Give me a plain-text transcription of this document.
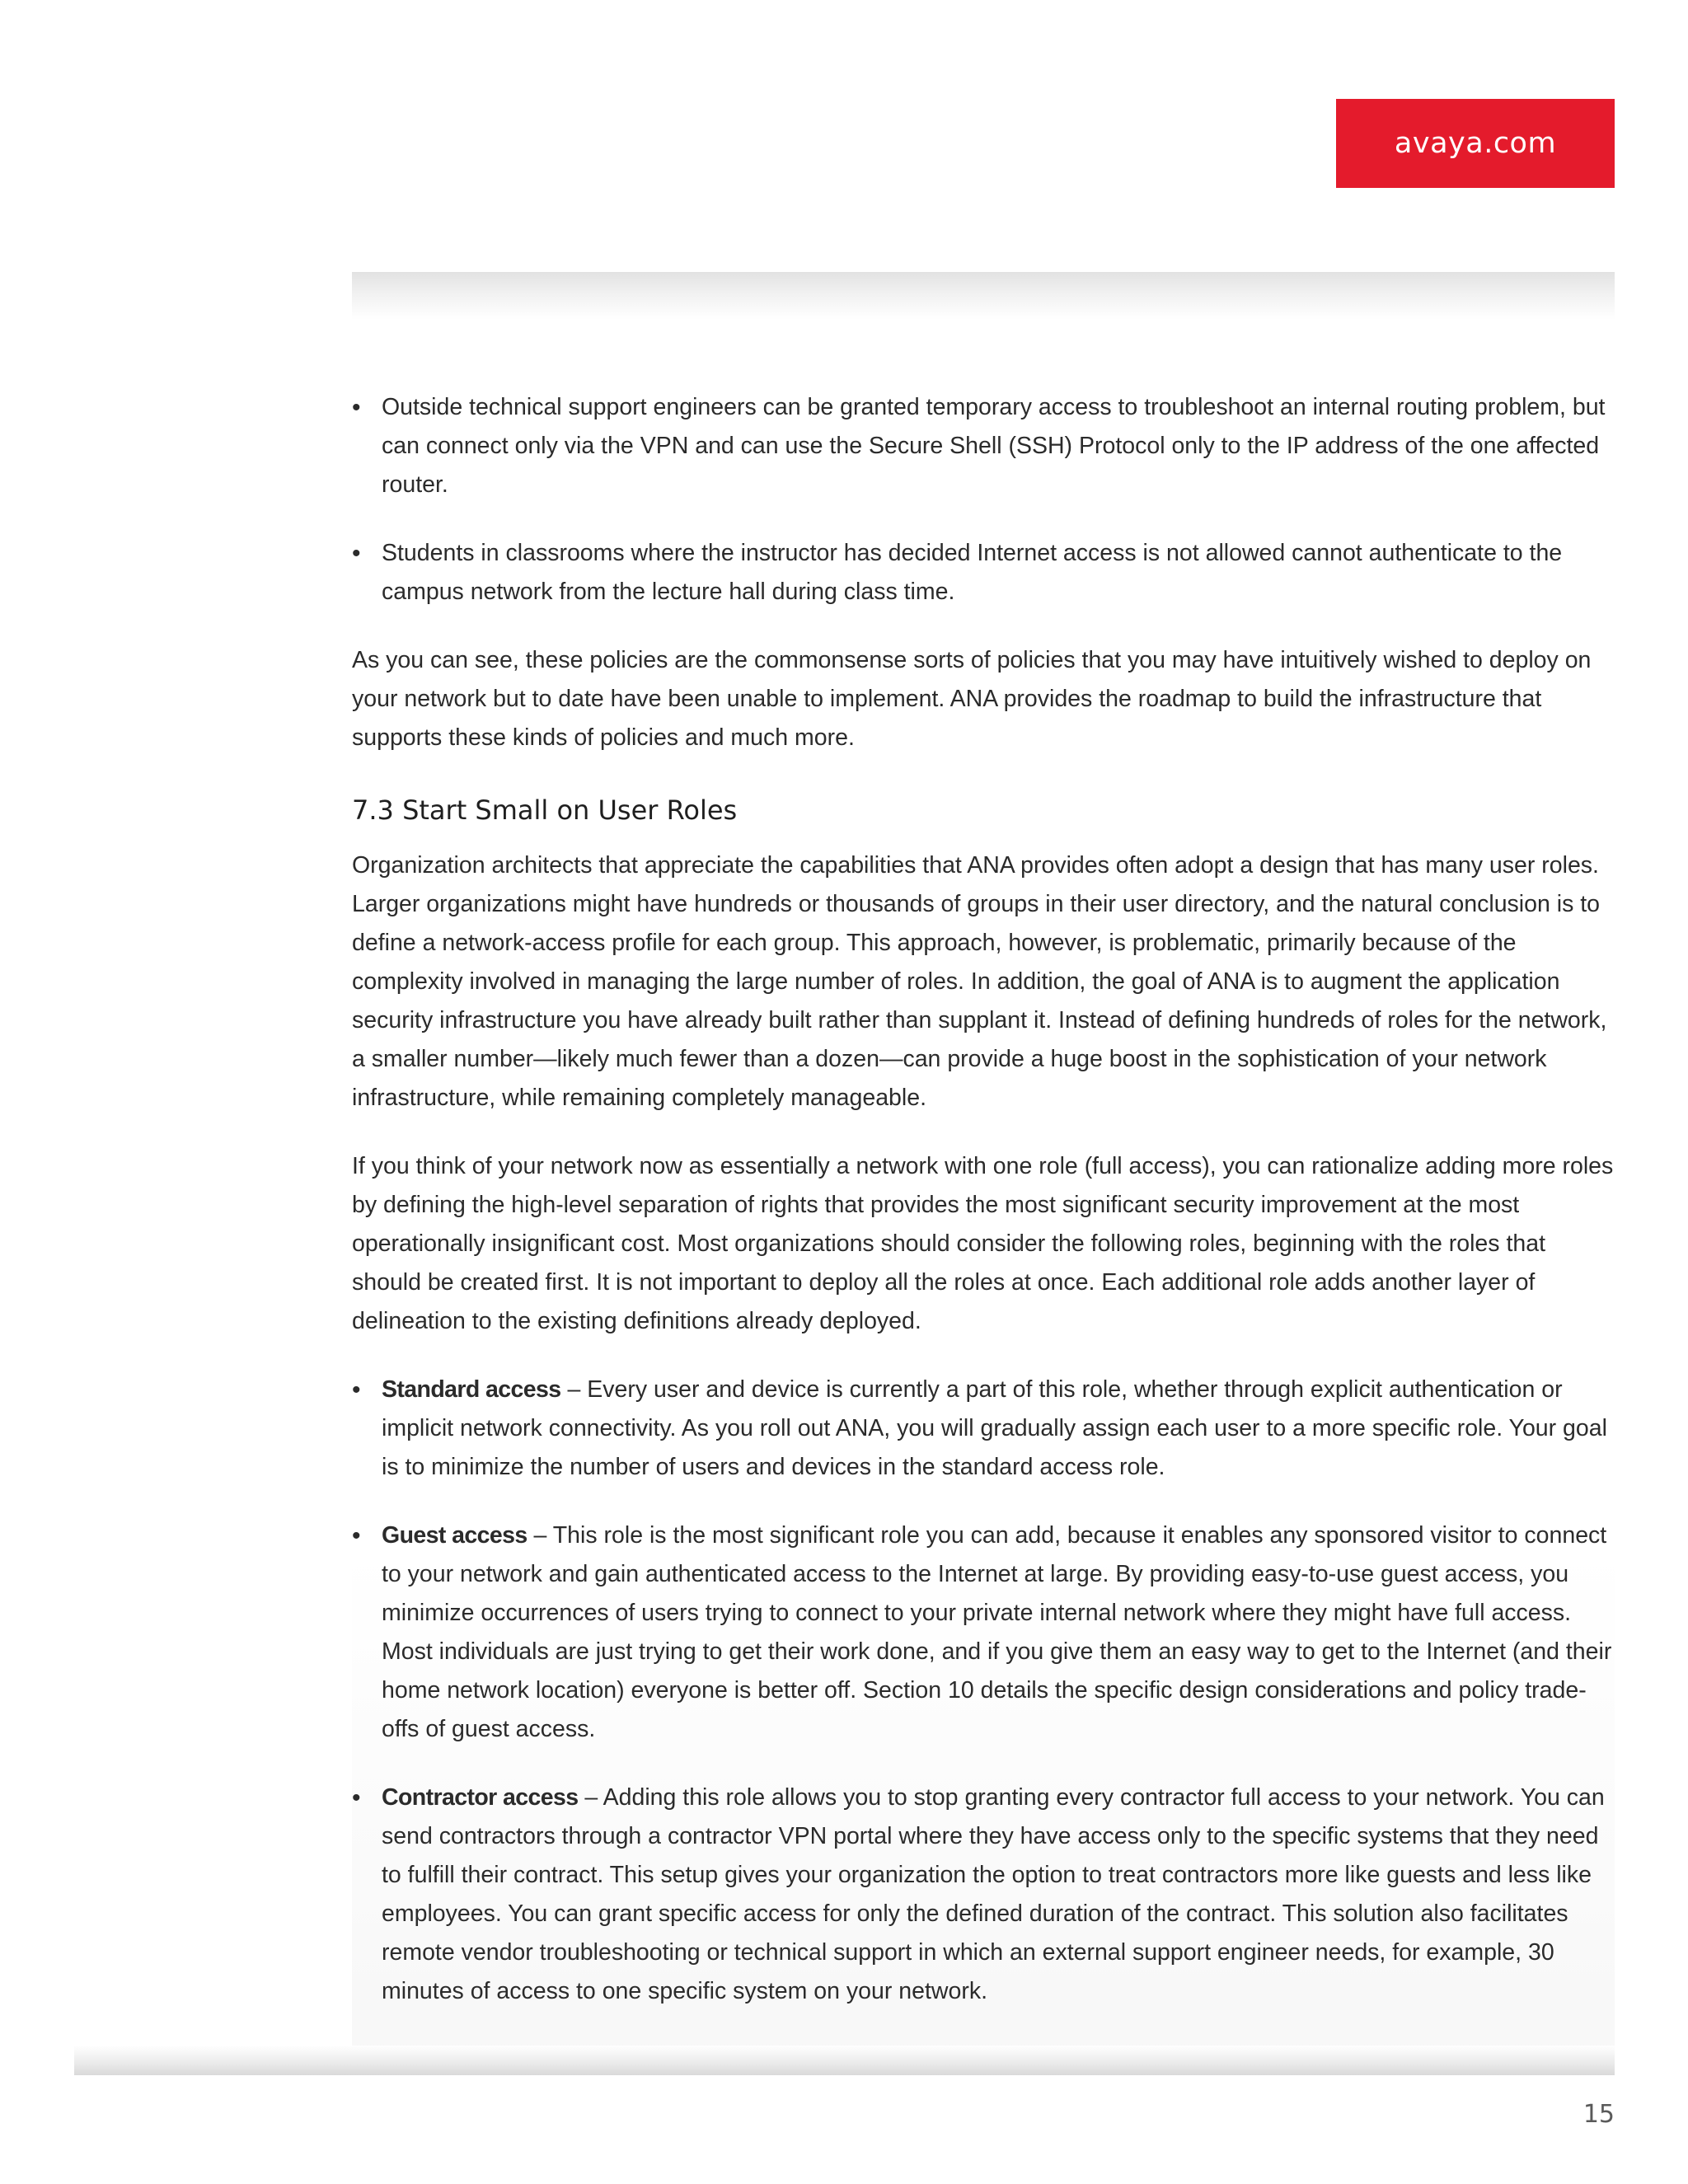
avaya.com
• Outside technical support engineers can be granted temporary access to troubleshoot an internal routing problem, but can connect only via the VPN and can use the Secure Shell (SSH) Protocol only to the IP address of the one affected router.
• Students in classrooms where the instructor has decided Internet access is not allowed cannot authenticate to the campus network from the lecture hall during class time.

As you can see, these policies are the commonsense sorts of policies that you may have intuitively wished to deploy on your network but to date have been unable to implement. ANA provides the roadmap to build the infrastructure that supports these kinds of policies and much more.

7.3 Start Small on User Roles

Organization architects that appreciate the capabilities that ANA provides often adopt a design that has many user roles. Larger organizations might have hundreds or thousands of groups in their user directory, and the natural conclusion is to define a network-access profile for each group. This approach, however, is problematic, primarily because of the complexity involved in managing the large number of roles. In addition, the goal of ANA is to augment the application security infrastructure you have already built rather than supplant it. Instead of defining hundreds of roles for the network, a smaller number—likely much fewer than a dozen—can provide a huge boost in the sophistication of your network infrastructure, while remaining completely manageable.

If you think of your network now as essentially a network with one role (full access), you can rationalize adding more roles by defining the high-level separation of rights that provides the most significant security improvement at the most operationally insignificant cost. Most organizations should consider the following roles, beginning with the roles that should be created first. It is not important to deploy all the roles at once. Each additional role adds another layer of delineation to the existing definitions already deployed.

• Standard access – Every user and device is currently a part of this role, whether through explicit authentication or implicit network connectivity. As you roll out ANA, you will gradually assign each user to a more specific role. Your goal is to minimize the number of users and devices in the standard access role.
• Guest access – This role is the most significant role you can add, because it enables any sponsored visitor to connect to your network and gain authenticated access to the Internet at large. By providing easy-to-use guest access, you minimize occurrences of users trying to connect to your private internal network where they might have full access. Most individuals are just trying to get their work done, and if you give them an easy way to get to the Internet (and their home network location) everyone is better off. Section 10 details the specific design considerations and policy trade-offs of guest access.
• Contractor access – Adding this role allows you to stop granting every contractor full access to your network. You can send contractors through a contractor VPN portal where they have access only to the specific systems that they need to fulfill their contract. This setup gives your organization the option to treat contractors more like guests and less like employees. You can grant specific access for only the defined duration of the contract. This solution also facilitates remote vendor troubleshooting or technical support in which an external support engineer needs, for example, 30 minutes of access to one specific system on your network.
15
